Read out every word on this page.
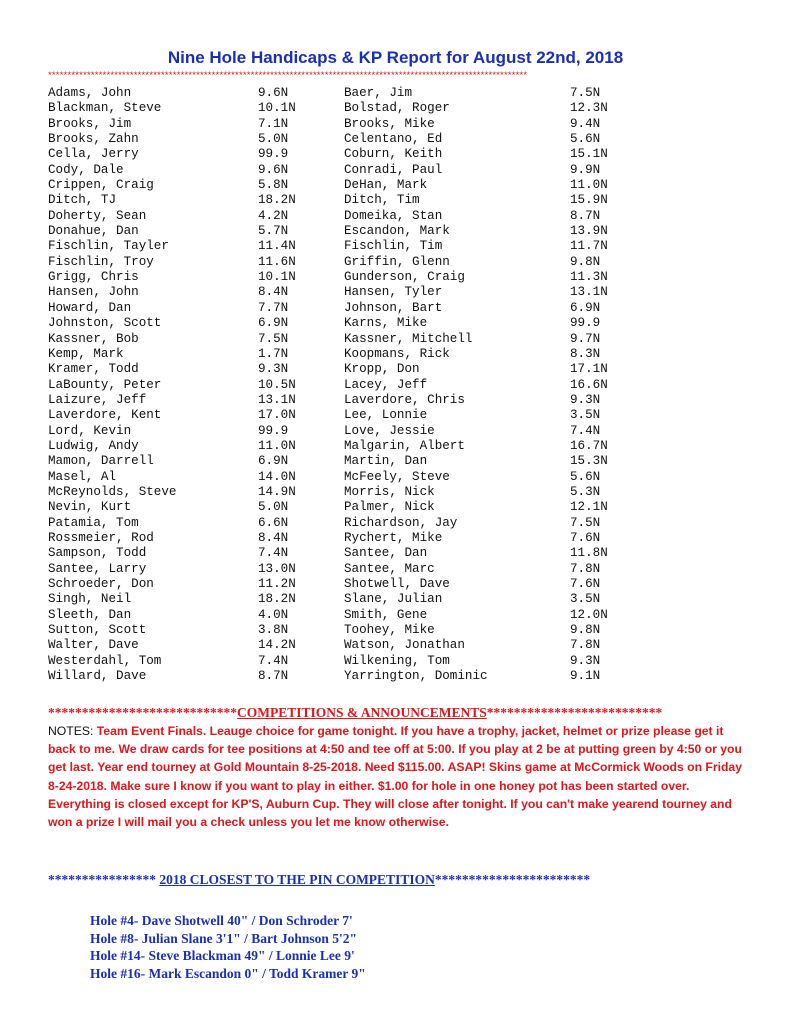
Nine Hole Handicaps & KP Report for August 22nd, 2018
***************************************************************************************************************************
Adams, John	9.6N	Baer, Jim	7.5N
Blackman, Steve	10.1N	Bolstad, Roger	12.3N
Brooks, Jim	7.1N	Brooks, Mike	9.4N
Brooks, Zahn	5.0N	Celentano, Ed	5.6N
Cella, Jerry	99.9	Coburn, Keith	15.1N
Cody, Dale	9.6N	Conradi, Paul	9.9N
Crippen, Craig	5.8N	DeHan, Mark	11.0N
Ditch, TJ	18.2N	Ditch, Tim	15.9N
Doherty, Sean	4.2N	Domeika, Stan	8.7N
Donahue, Dan	5.7N	Escandon, Mark	13.9N
Fischlin, Tayler	11.4N	Fischlin, Tim	11.7N
Fischlin, Troy	11.6N	Griffin, Glenn	9.8N
Grigg, Chris	10.1N	Gunderson, Craig	11.3N
Hansen, John	8.4N	Hansen, Tyler	13.1N
Howard, Dan	7.7N	Johnson, Bart	6.9N
Johnston, Scott	6.9N	Karns, Mike	99.9
Kassner, Bob	7.5N	Kassner, Mitchell	9.7N
Kemp, Mark	1.7N	Koopmans, Rick	8.3N
Kramer, Todd	9.3N	Kropp, Don	17.1N
LaBounty, Peter	10.5N	Lacey, Jeff	16.6N
Laizure, Jeff	13.1N	Laverdore, Chris	9.3N
Laverdore, Kent	17.0N	Lee, Lonnie	3.5N
Lord, Kevin	99.9	Love, Jessie	7.4N
Ludwig, Andy	11.0N	Malgarin, Albert	16.7N
Mamon, Darrell	6.9N	Martin, Dan	15.3N
Masel, Al	14.0N	McFeely, Steve	5.6N
McReynolds, Steve	14.9N	Morris, Nick	5.3N
Nevin, Kurt	5.0N	Palmer, Nick	12.1N
Patamia, Tom	6.6N	Richardson, Jay	7.5N
Rossmeier, Rod	8.4N	Rychert, Mike	7.6N
Sampson, Todd	7.4N	Santee, Dan	11.8N
Santee, Larry	13.0N	Santee, Marc	7.8N
Schroeder, Don	11.2N	Shotwell, Dave	7.6N
Singh, Neil	18.2N	Slane, Julian	3.5N
Sleeth, Dan	4.0N	Smith, Gene	12.0N
Sutton, Scott	3.8N	Toohey, Mike	9.8N
Walter, Dave	14.2N	Watson, Jonathan	7.8N
Westerdahl, Tom	7.4N	Wilkening, Tom	9.3N
Willard, Dave	8.7N	Yarrington, Dominic	9.1N
****************************COMPETITIONS & ANNOUNCEMENTS**************************
NOTES: Team Event Finals. Leauge choice for game tonight. If you have a trophy, jacket, helmet or prize please get it back to me. We draw cards for tee positions at 4:50 and tee off at 5:00. If you play at 2 be at putting green by 4:50 or you get last. Year end tourney at Gold Mountain 8-25-2018. Need $115.00. ASAP! Skins game at McCormick Woods on Friday 8-24-2018. Make sure I know if you want to play in either. $1.00 for hole in one honey pot has been started over. Everything is closed except for KP'S, Auburn Cup. They will close after tonight. If you can't make yearend tourney and won a prize I will mail you a check unless you let me know otherwise.
**************** 2018 CLOSEST TO THE PIN COMPETITION***********************
Hole #4- Dave Shotwell 40" / Don Schroder 7'
Hole #8- Julian Slane 3'1" / Bart Johnson 5'2"
Hole #14- Steve Blackman 49" / Lonnie Lee 9'
Hole #16- Mark Escandon 0" / Todd Kramer 9"
